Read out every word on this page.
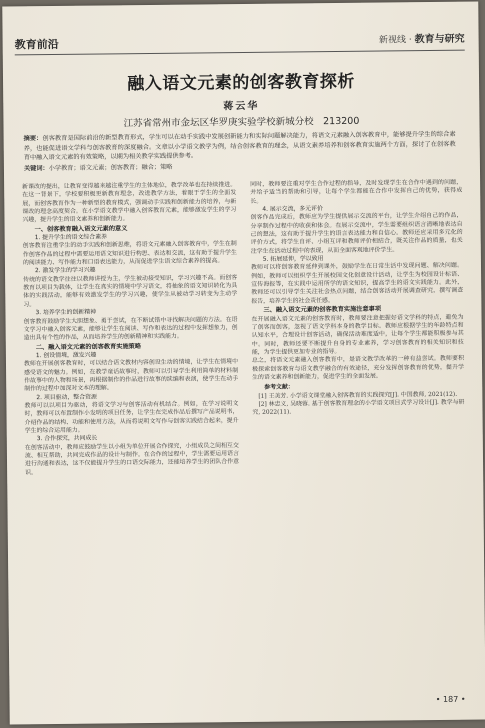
教育前沿	新视线 · 教育与研究
融入语文元素的创客教育探析
蒋云华
江苏省常州市金坛区华罗庚实验学校新城分校　213200
摘要：创客教育是国际前沿的新型教育形式，学生可以在动手实践中发展创新能力和实际问题解决能力，将语文元素融入创客教育中，能够提升学生的综合素养，也能促进语文学科与创客教育的深度融合。文章以小学语文教学为例，结合创客教育的理念，从语文素养培养和创客教育实施两个方面，探讨了在创客教育中融入语文元素的有效策略，以期为相关教学实践提供参考。
关键词：小学教育；语文元素；创客教育；融合；策略
新课改的提出，让教育变得越来越注重学生的主体地位，教学改革也在持续推进。在这一背景下，学校要积极更新教育理念，改进教学方法，着眼于学生的全面发展，而创客教育作为一种新型的教育模式，强调动手实践和创新能力的培养，与新课改的理念高度契合。在小学语文教学中融入创客教育元素，能够激发学生的学习兴趣，提升学生的语文素养和创新能力。
一、创客教育融入语文元素的意义
1. 提升学生的语文综合素养
创客教育注重学生的动手实践和创新思维，将语文元素融入创客教育中，学生在制作创客作品的过程中需要运用语文知识进行构思、表达和交流，这有助于提升学生的阅读能力、写作能力和口语表达能力，从而促进学生语文综合素养的提高。
2. 激发学生的学习兴趣
传统的语文教学往往以教师讲授为主，学生被动接受知识，学习兴趣不高。而创客教育以项目为载体，让学生在真实的情境中学习语文，将抽象的语文知识转化为具体的实践活动，能够有效激发学生的学习兴趣，使学生从被动学习转变为主动学习。
3. 培养学生的创新精神
创客教育鼓励学生大胆想象、勇于尝试，在不断试错中寻找解决问题的方法。在语文学习中融入创客元素，能够让学生在阅读、写作和表达的过程中发挥想象力，创造出具有个性的作品，从而培养学生的创新精神和实践能力。
二、融入语文元素的创客教育实施策略
1. 创设情境，激发兴趣
教师在开展创客教育时，可以结合语文教材内容创设生动的情境，让学生在情境中感受语文的魅力。例如，在教学童话故事时，教师可以引导学生利用简单的材料制作故事中的人物和场景，再根据制作的作品进行故事的续编和表演，使学生在动手制作的过程中加深对文本的理解。
2. 项目驱动，整合资源
教师可以以项目为驱动，将语文学习与创客活动有机结合。例如，在学习说明文时，教师可以布置制作小发明的项目任务，让学生在完成作品后撰写产品说明书，介绍作品的结构、功能和使用方法，从而将说明文写作与创客实践结合起来，提升学生的综合运用能力。
3. 合作探究，共同成长
在创客活动中，教师应鼓励学生以小组为单位开展合作探究，小组成员之间相互交流、相互帮助，共同完成作品的设计与制作。在合作的过程中，学生需要运用语言进行沟通和表达，这不仅能提升学生的口语交际能力，还能培养学生的团队合作意识。
同时，教师要注重对学生合作过程的指导，及时发现学生在合作中遇到的问题，并给予适当的帮助和引导，让每个学生都能在合作中发挥自己的优势，获得成长。
4. 展示交流，多元评价
创客作品完成后，教师应为学生提供展示交流的平台，让学生介绍自己的作品，分享制作过程中的收获和体会。在展示交流中，学生需要组织语言清晰地表达自己的想法，这有助于提升学生的语言表达能力和自信心。教师还应采用多元化的评价方式，将学生自评、小组互评和教师评价相结合，既关注作品的质量，也关注学生在活动过程中的表现，从而全面客观地评价学生。
5. 拓展延伸，学以致用
教师可以将创客教育延伸到课外，鼓励学生在日常生活中发现问题、解决问题。例如，教师可以组织学生开展校园文化创意设计活动，让学生为校园设计标语、宣传海报等，在实践中运用所学的语文知识，提高学生的语文实践能力。此外，教师还可以引导学生关注社会热点问题，结合创客活动开展调查研究，撰写调查报告，培养学生的社会责任感。
三、融入语文元素的创客教育实施注意事项
在开展融入语文元素的创客教育时，教师要注意把握好语文学科的特点，避免为了创客而创客，忽视了语文学科本身的教学目标。教师应根据学生的年龄特点和认知水平，合理设计创客活动，确保活动难度适中，让每个学生都能积极参与其中。同时，教师还要不断提升自身的专业素养，学习创客教育的相关知识和技能，为学生提供更加专业的指导。
总之，将语文元素融入创客教育中，是语文教学改革的一种有益尝试。教师要积极探索创客教育与语文教学融合的有效途径，充分发挥创客教育的优势，提升学生的语文素养和创新能力，促进学生的全面发展。
参考文献：
[1] 王美芳. 小学语文课堂融入创客教育的实践探究[J]. 中国教师, 2021(12).
[2] 林忠义, 吴晓蓉. 基于创客教育理念的小学语文项目式学习设计[J]. 教学与研究, 2022(11).
• 187 •
